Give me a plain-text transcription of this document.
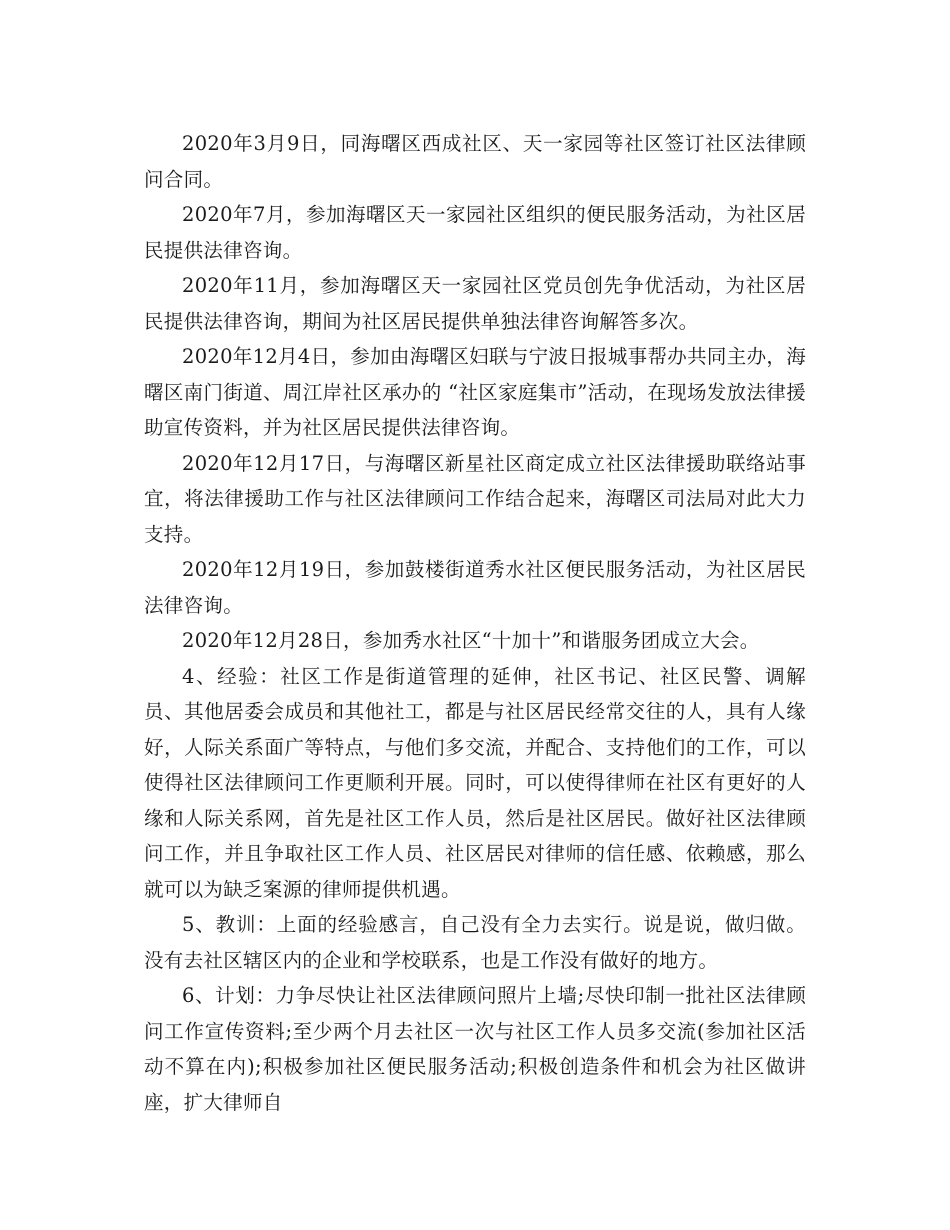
2020年3月9日，同海曙区西成社区、天一家园等社区签订社区法律顾问合同。

2020年7月，参加海曙区天一家园社区组织的便民服务活动，为社区居民提供法律咨询。

2020年11月，参加海曙区天一家园社区党员创先争优活动，为社区居民提供法律咨询，期间为社区居民提供单独法律咨询解答多次。

2020年12月4日，参加由海曙区妇联与宁波日报城事帮办共同主办，海曙区南门街道、周江岸社区承办的 “社区家庭集市”活动，在现场发放法律援助宣传资料，并为社区居民提供法律咨询。

2020年12月17日，与海曙区新星社区商定成立社区法律援助联络站事宜，将法律援助工作与社区法律顾问工作结合起来，海曙区司法局对此大力支持。

2020年12月19日，参加鼓楼街道秀水社区便民服务活动，为社区居民法律咨询。

2020年12月28日，参加秀水社区“十加十”和谐服务团成立大会。

4、经验：社区工作是街道管理的延伸，社区书记、社区民警、调解员、其他居委会成员和其他社工，都是与社区居民经常交往的人，具有人缘好，人际关系面广等特点，与他们多交流，并配合、支持他们的工作，可以使得社区法律顾问工作更顺利开展。同时，可以使得律师在社区有更好的人缘和人际关系网，首先是社区工作人员，然后是社区居民。做好社区法律顾问工作，并且争取社区工作人员、社区居民对律师的信任感、依赖感，那么就可以为缺乏案源的律师提供机遇。

5、教训：上面的经验感言，自己没有全力去实行。说是说，做归做。没有去社区辖区内的企业和学校联系，也是工作没有做好的地方。

6、计划：力争尽快让社区法律顾问照片上墙;尽快印制一批社区法律顾问工作宣传资料;至少两个月去社区一次与社区工作人员多交流(参加社区活动不算在内);积极参加社区便民服务活动;积极创造条件和机会为社区做讲座，扩大律师自
